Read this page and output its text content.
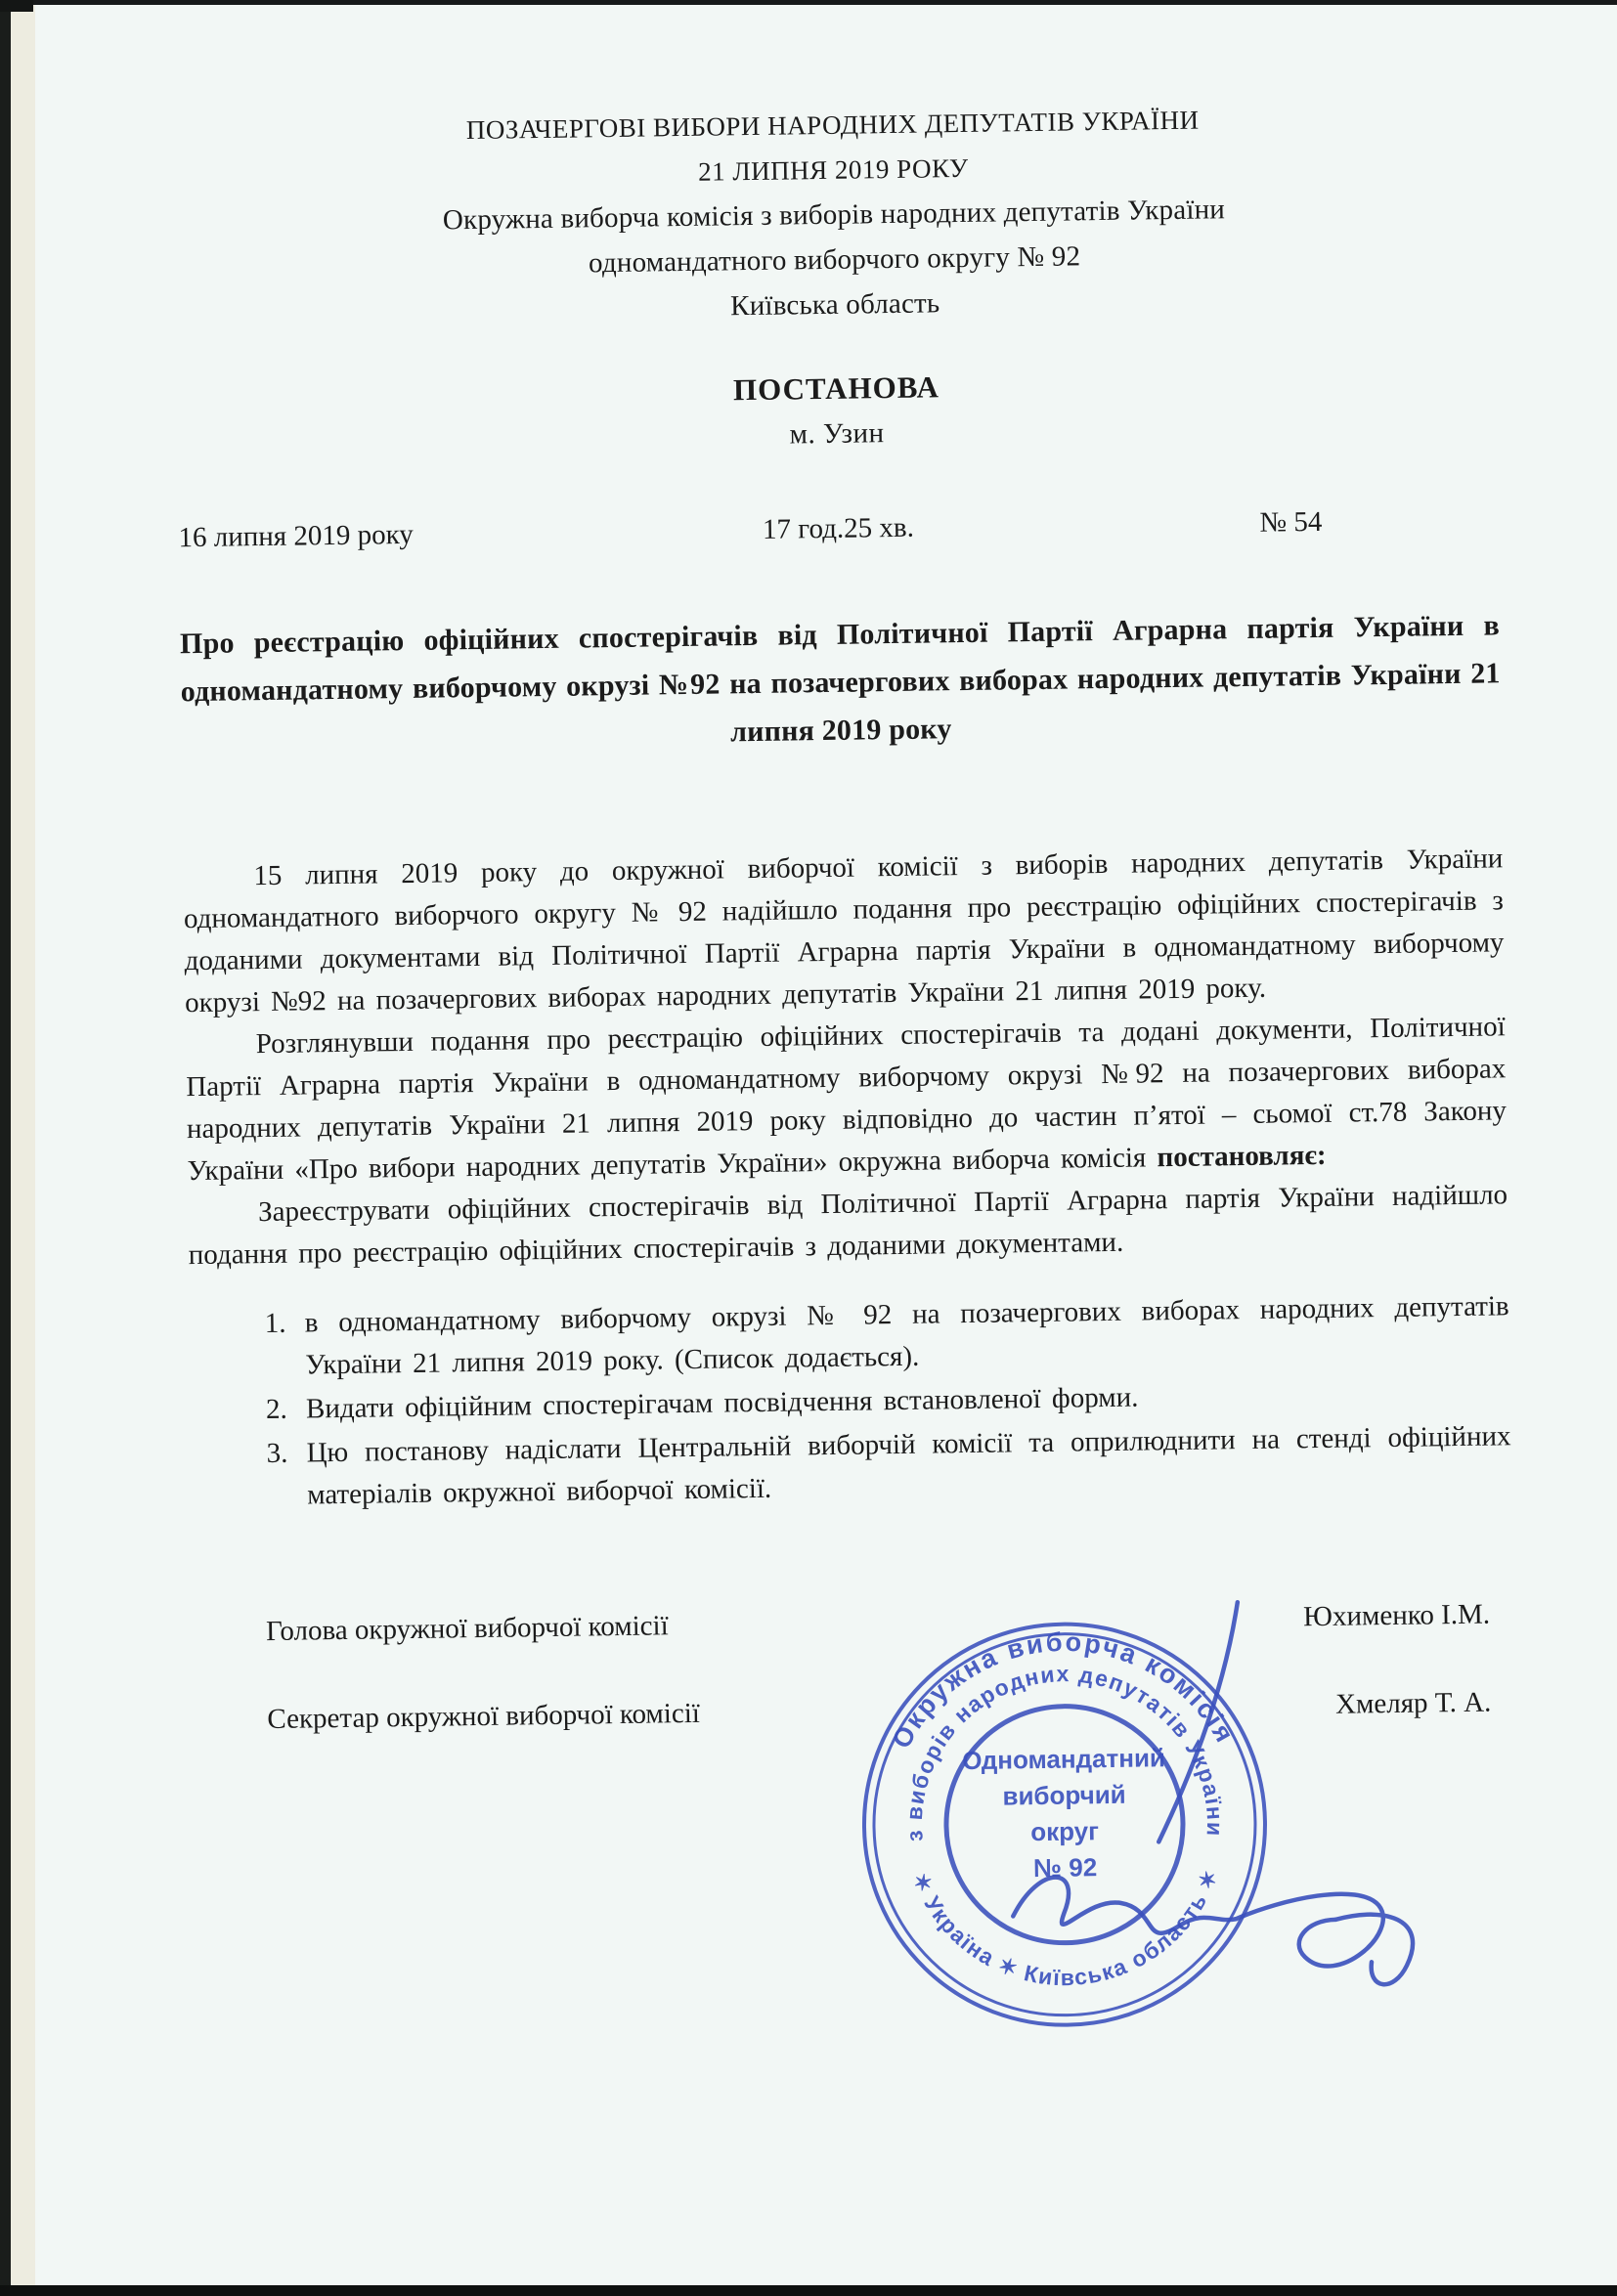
ПОЗАЧЕРГОВІ ВИБОРИ НАРОДНИХ ДЕПУТАТІВ УКРАЇНИ
21 ЛИПНЯ 2019 РОКУ
Окружна виборча комісія з виборів народних депутатів України
одномандатного виборчого округу № 92
Київська область
ПОСТАНОВА
м. Узин
16 липня 2019 року	17 год.25 хв.	№ 54
Про реєстрацію офіційних спостерігачів від Політичної Партії Аграрна партія України в одномандатному виборчому окрузі №92 на позачергових виборах народних депутатів України 21 липня 2019 року

15 липня 2019 року до окружної виборчої комісії з виборів народних депутатів України одномандатного виборчого округу № 92 надійшло подання про реєстрацію офіційних спостерігачів з доданими документами від Політичної Партії Аграрна партія України в одномандатному виборчому окрузі №92 на позачергових виборах народних депутатів України 21 липня 2019 року.

Розглянувши подання про реєстрацію офіційних спостерігачів та додані документи, Політичної Партії Аграрна партія України в одномандатному виборчому окрузі №92 на позачергових виборах народних депутатів України 21 липня 2019 року відповідно до частин п’ятої – сьомої ст.78 Закону України «Про вибори народних депутатів України» окружна виборча комісія постановляє:

Зареєструвати офіційних спостерігачів від Політичної Партії Аграрна партія України надійшло подання про реєстрацію офіційних спостерігачів з доданими документами.

1. в одномандатному виборчому окрузі № 92 на позачергових виборах народних депутатів України 21 липня 2019 року. (Список додається).
2. Видати офіційним спостерігачам посвідчення встановленої форми.
3. Цю постанову надіслати Центральній виборчій комісії та оприлюднити на стенді офіційних матеріалів окружної виборчої комісії.
Голова окружної виборчої комісії	Юхименко І.М.
Секретар окружної виборчої комісії	Хмеляр Т. А.
Окружна виборча комісія
з виборів народних депутатів України
✶ Україна ✶ Київська область ✶
Одномандатний
виборчий
округ
№ 92
